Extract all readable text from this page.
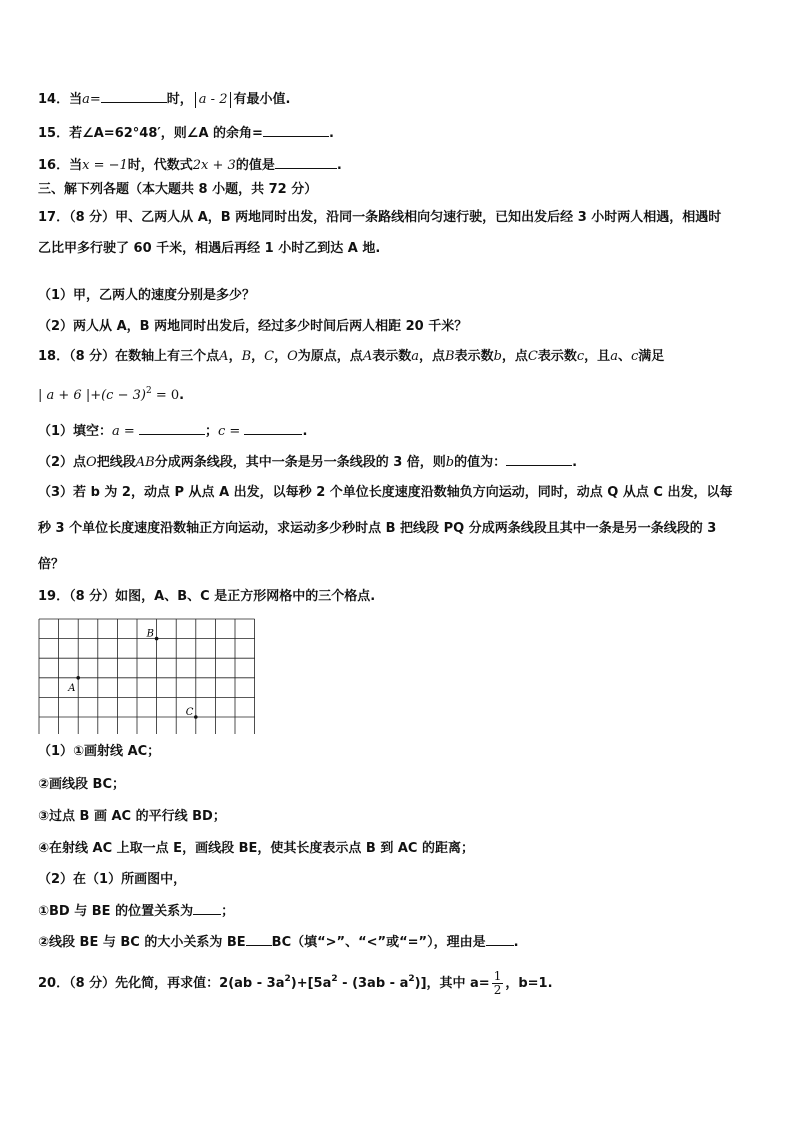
14．当a=	时， a - 2 有最小值.
15．若∠A=62°48′，则∠A 的余角=	.
16．当x = −1时，代数式2x + 3的值是	.
三、解下列各题（本大题共 8 小题，共 72 分）
17．（8 分）甲、乙两人从 A，B 两地同时出发，沿同一条路线相向匀速行驶，已知出发后经 3 小时两人相遇，相遇时
乙比甲多行驶了 60 千米，相遇后再经 1 小时乙到达 A 地.
（1）甲，乙两人的速度分别是多少？
（2）两人从 A，B 两地同时出发后，经过多少时间后两人相距 20 千米？
18．（8 分）在数轴上有三个点A，B，C，O为原点，点A表示数a，点B表示数b，点C表示数c，且a、c满足
| a + 6 $|+(c - 3)^2 = 0$.
（1）填空：a =	；c =	.
（2）点O把线段AB分成两条线段，其中一条是另一条线段的 3 倍，则b的值为：	.
（3）若 b 为 2，动点 P 从点 A 出发，以每秒 2 个单位长度速度沿数轴负方向运动，同时，动点 Q 从点 C 出发，以每
秒 3 个单位长度速度沿数轴正方向运动，求运动多少秒时点 B 把线段 PQ 分成两条线段且其中一条是另一条线段的 3
倍？
19．（8 分）如图，A、B、C 是正方形网格中的三个格点.
B
A
C
（1）①画射线 AC；
②画线段 BC；
③过点 B 画 AC 的平行线 BD；
④在射线 AC 上取一点 E，画线段 BE，使其长度表示点 B 到 AC 的距离；
（2）在（1）所画图中，
①BD 与 BE 的位置关系为 ；
②线段 BE 与 BC 的大小关系为 BE BC（填“>”、“<”或“=”），理由是 .
20．（8 分）先化简，再求值：$2(ab - 3a^2)+[5a^2 - (3ab - a^2)]$，其中 $a= \frac{1}{2}$ ，b=1.
